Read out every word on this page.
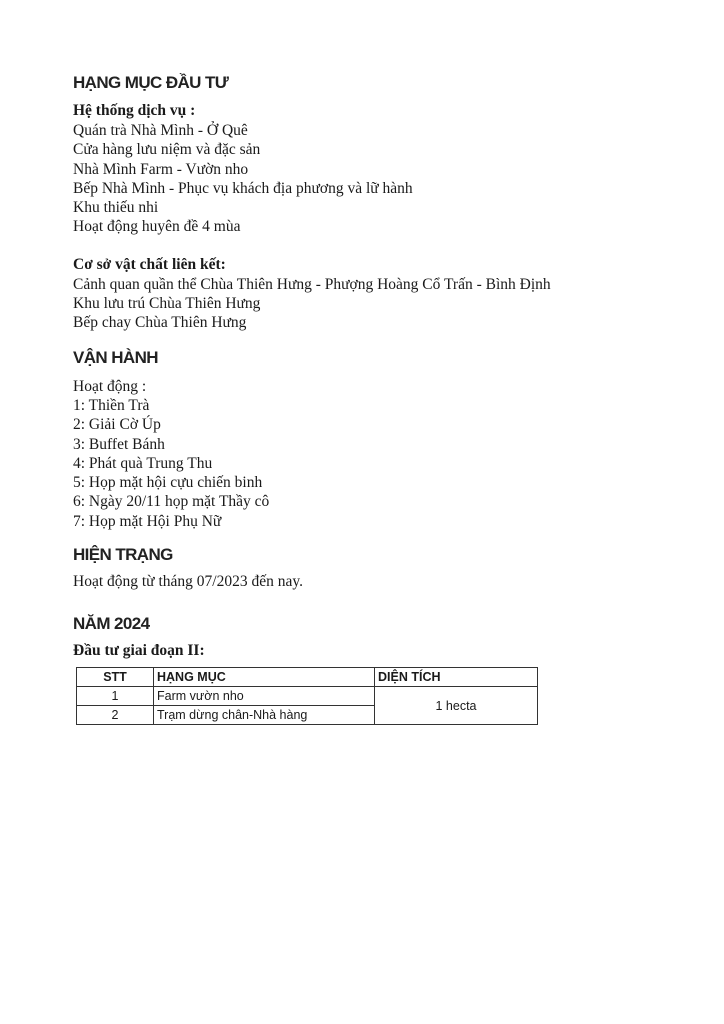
HẠNG MỤC ĐẦU TƯ

Hệ thống dịch vụ :

Quán trà Nhà Mình - Ở Quê

Cửa hàng lưu niệm và đặc sản

Nhà Mình Farm - Vườn nho

Bếp Nhà Mình - Phục vụ khách địa phương và lữ hành

Khu thiếu nhi

Hoạt động huyên đề 4 mùa

Cơ sở vật chất liên kết:

Cảnh quan quần thể Chùa Thiên Hưng - Phượng Hoàng Cổ Trấn - Bình Định

Khu lưu trú Chùa Thiên Hưng

Bếp chay Chùa Thiên Hưng

VẬN HÀNH

Hoạt động :

1: Thiền Trà

2: Giải Cờ Úp

3: Buffet Bánh

4: Phát quà Trung Thu

5: Họp mặt hội cựu chiến binh

6: Ngày 20/11 họp mặt Thầy cô

7: Họp mặt Hội Phụ Nữ

HIỆN TRẠNG

Hoạt động từ tháng 07/2023 đến nay.

NĂM 2024

Đầu tư giai đoạn II:

STT	HẠNG MỤC	DIỆN TÍCH
1	Farm vườn nho	1 hecta
2	Trạm dừng chân-Nhà hàng	
